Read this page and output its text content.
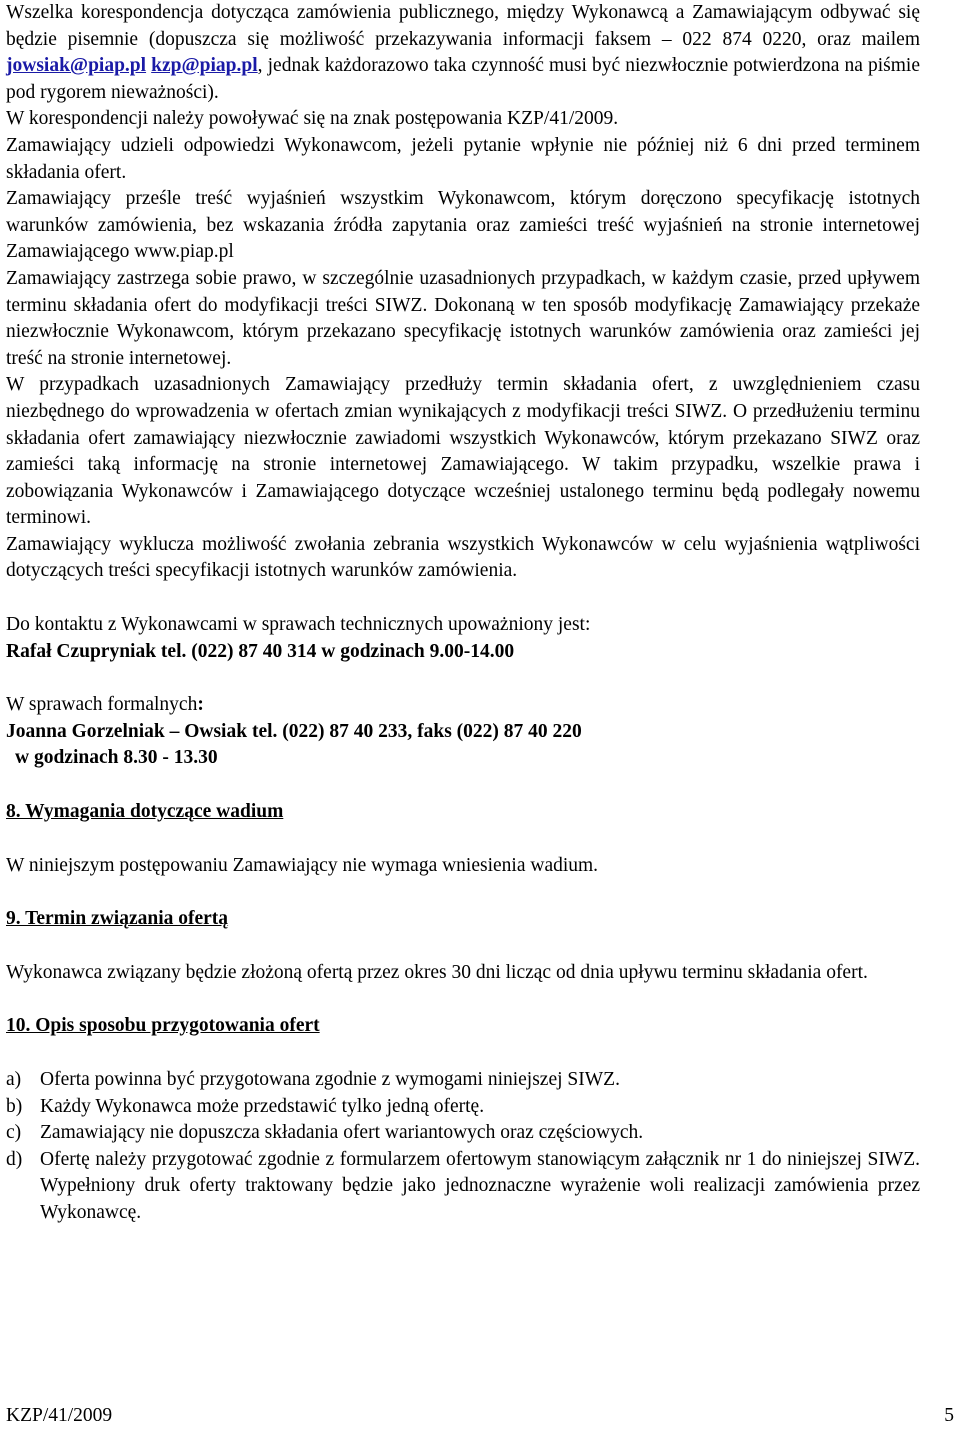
Wszelka korespondencja dotycząca zamówienia publicznego, między Wykonawcą a Zamawiającym odbywać się będzie pisemnie (dopuszcza się możliwość przekazywania informacji faksem – 022 874 0220, oraz mailem jowsiak@piap.pl kzp@piap.pl, jednak każdorazowo taka czynność musi być niezwłocznie potwierdzona na piśmie pod rygorem nieważności).

W korespondencji należy powoływać się na znak postępowania KZP/41/2009.

Zamawiający udzieli odpowiedzi Wykonawcom, jeżeli pytanie wpłynie nie później niż 6 dni przed terminem składania ofert.

Zamawiający prześle treść wyjaśnień wszystkim Wykonawcom, którym doręczono specyfikację istotnych warunków zamówienia, bez wskazania źródła zapytania oraz zamieści treść wyjaśnień na stronie internetowej Zamawiającego www.piap.pl

Zamawiający zastrzega sobie prawo, w szczególnie uzasadnionych przypadkach, w każdym czasie, przed upływem terminu składania ofert do modyfikacji treści SIWZ. Dokonaną w ten sposób modyfikację Zamawiający przekaże niezwłocznie Wykonawcom, którym przekazano specyfikację istotnych warunków zamówienia oraz zamieści jej treść na stronie internetowej.

W przypadkach uzasadnionych Zamawiający przedłuży termin składania ofert, z uwzględnieniem czasu niezbędnego do wprowadzenia w ofertach zmian wynikających z modyfikacji treści SIWZ. O przedłużeniu terminu składania ofert zamawiający niezwłocznie zawiadomi wszystkich Wykonawców, którym przekazano SIWZ oraz zamieści taką informację na stronie internetowej Zamawiającego. W takim przypadku, wszelkie prawa i zobowiązania Wykonawców i Zamawiającego dotyczące wcześniej ustalonego terminu będą podlegały nowemu terminowi.

Zamawiający wyklucza możliwość zwołania zebrania wszystkich Wykonawców w celu wyjaśnienia wątpliwości dotyczących treści specyfikacji istotnych warunków zamówienia.

Do kontaktu z Wykonawcami w sprawach technicznych upoważniony jest:

Rafał Czupryniak tel. (022) 87 40 314 w godzinach 9.00-14.00

W sprawach formalnych:

Joanna Gorzelniak – Owsiak tel. (022) 87 40 233, faks (022) 87 40 220

w godzinach 8.30 - 13.30

8. Wymagania dotyczące wadium

W niniejszym postępowaniu Zamawiający nie wymaga wniesienia wadium.

9. Termin związania ofertą

Wykonawca związany będzie złożoną ofertą przez okres 30 dni licząc od dnia upływu terminu składania ofert.

10. Opis sposobu przygotowania ofert

a) Oferta powinna być przygotowana zgodnie z wymogami niniejszej SIWZ.
b) Każdy Wykonawca może przedstawić tylko jedną ofertę.
c) Zamawiający nie dopuszcza składania ofert wariantowych oraz częściowych.
d) Ofertę należy przygotować zgodnie z formularzem ofertowym stanowiącym załącznik nr 1 do niniejszej SIWZ. Wypełniony druk oferty traktowany będzie jako jednoznaczne wyrażenie woli realizacji zamówienia przez Wykonawcę.
KZP/41/2009	5
